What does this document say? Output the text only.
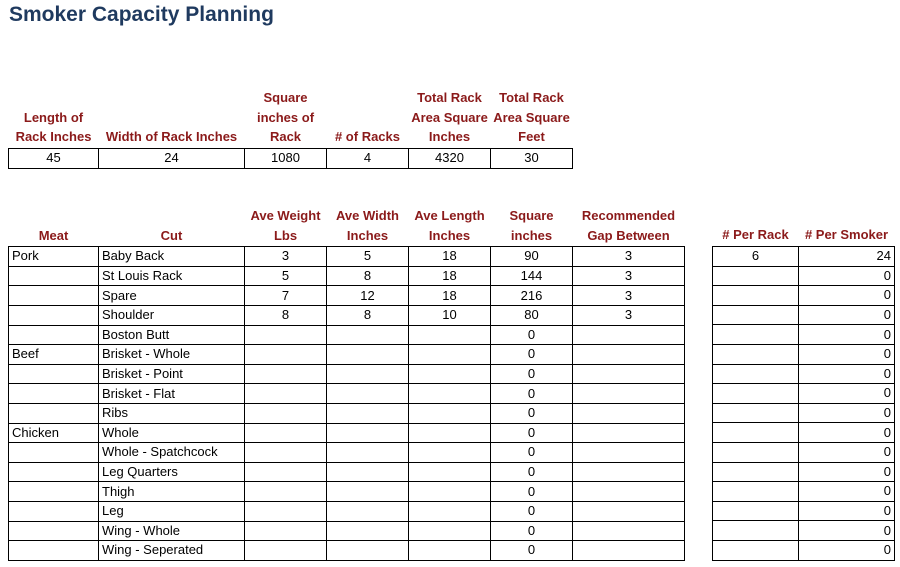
Smoker Capacity Planning
Length of Rack Inches	Width of Rack Inches	Square inches of Rack	# of Racks	Total Rack Area Square Inches	Total Rack Area Square Feet
45	24	1080	4	4320	30
Meat	Cut	Ave Weight Lbs	Ave Width Inches	Ave Length Inches	Square inches	Recommended Gap Between
Pork	Baby Back	3	5	18	90	3
	St Louis Rack	5	8	18	144	3
	Spare	7	12	18	216	3
	Shoulder	8	8	10	80	3
	Boston Butt				0	
Beef	Brisket - Whole				0	
	Brisket - Point				0	
	Brisket - Flat				0	
	Ribs				0	
Chicken	Whole				0	
	Whole - Spatchcock				0	
	Leg Quarters				0	
	Thigh				0	
	Leg				0	
	Wing - Whole				0	
	Wing - Seperated				0	
# Per Rack	# Per Smoker
6	24
	0
	0
	0
	0
	0
	0
	0
	0
	0
	0
	0
	0
	0
	0
	0
